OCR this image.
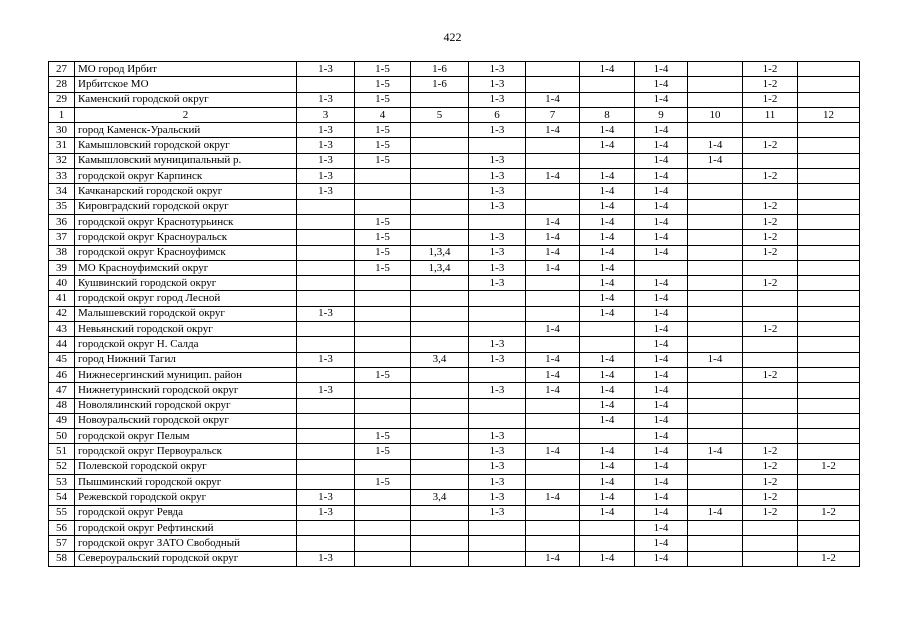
422
27	МО город Ирбит	1-3	1-5	1-6	1-3		1-4	1-4		1-2	
28	Ирбитское МО		1-5	1-6	1-3			1-4		1-2	
29	Каменский городской округ	1-3	1-5		1-3	1-4		1-4		1-2	
1	2	3	4	5	6	7	8	9	10	11	12
30	город Каменск-Уральский	1-3	1-5		1-3	1-4	1-4	1-4			
31	Камышловский городской округ	1-3	1-5				1-4	1-4	1-4	1-2	
32	Камышловский муниципальный р.	1-3	1-5		1-3			1-4	1-4		
33	городской округ Карпинск	1-3			1-3	1-4	1-4	1-4		1-2	
34	Качканарский городской округ	1-3			1-3		1-4	1-4			
35	Кировградский городской округ				1-3		1-4	1-4		1-2	
36	городской округ Краснотурьинск		1-5			1-4	1-4	1-4		1-2	
37	городской округ Красноуральск		1-5		1-3	1-4	1-4	1-4		1-2	
38	городской округ Красноуфимск		1-5	1,3,4	1-3	1-4	1-4	1-4		1-2	
39	МО Красноуфимский округ		1-5	1,3,4	1-3	1-4	1-4				
40	Кушвинский городской округ				1-3		1-4	1-4		1-2	
41	городской округ город Лесной						1-4	1-4			
42	Малышевский городской округ	1-3					1-4	1-4			
43	Невьянский городской округ					1-4		1-4		1-2	
44	городской округ Н. Салда				1-3			1-4			
45	город Нижний Тагил	1-3		3,4	1-3	1-4	1-4	1-4	1-4		
46	Нижнесергинский муницип. район		1-5			1-4	1-4	1-4		1-2	
47	Нижнетуринский городской округ	1-3			1-3	1-4	1-4	1-4			
48	Новолялинский городской округ						1-4	1-4			
49	Новоуральский городской округ						1-4	1-4			
50	городской округ Пелым		1-5		1-3			1-4			
51	городской округ Первоуральск		1-5		1-3	1-4	1-4	1-4	1-4	1-2	
52	Полевской городской округ				1-3		1-4	1-4		1-2	1-2
53	Пышминский городской округ		1-5		1-3		1-4	1-4		1-2	
54	Режевской городской округ	1-3		3,4	1-3	1-4	1-4	1-4		1-2	
55	городской округ Ревда	1-3			1-3		1-4	1-4	1-4	1-2	1-2
56	городской округ Рефтинский							1-4			
57	городской округ ЗАТО Свободный							1-4			
58	Североуральский городской округ	1-3				1-4	1-4	1-4			1-2
